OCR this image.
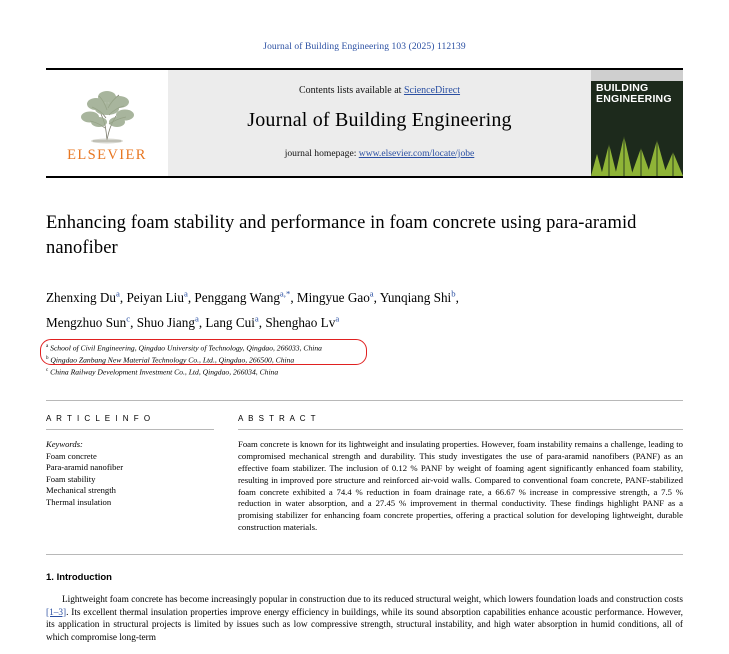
Journal of Building Engineering 103 (2025) 112139
ELSEVIER
Contents lists available at ScienceDirect
Journal of Building Engineering
journal homepage: www.elsevier.com/locate/jobe
BUILDING
ENGINEERING
Enhancing foam stability and performance in foam concrete using para-aramid nanofiber
Zhenxing Du$^a$, Peiyan Liu$^a$, Penggang Wang$^{a,*}$, Mingyue Gao$^a$, Yunqiang Shi$^b$,
Mengzhuo Sun$^c$, Shuo Jiang$^a$, Lang Cui$^a$, Shenghao Lv$^a$
$^a$ School of Civil Engineering, Qingdao University of Technology, Qingdao, 266033, China
$^b$ Qingdao Zanbang New Material Technology Co., Ltd., Qingdao, 266500, China
$^c$ China Railway Development Investment Co., Ltd, Qingdao, 266034, China
A R T I C L E I N F O
Keywords:
Foam concrete
Para-aramid nanofiber
Foam stability
Mechanical strength
Thermal insulation
A B S T R A C T
Foam concrete is known for its lightweight and insulating properties. However, foam instability remains a challenge, leading to compromised mechanical strength and durability. This study investigates the use of para-aramid nanofibers (PANF) as an effective foam stabilizer. The inclusion of 0.12 % PANF by weight of foaming agent significantly enhanced foam stability, resulting in improved pore structure and reinforced air-void walls. Compared to conventional foam concrete, PANF-stabilized foam concrete exhibited a 74.4 % reduction in foam drainage rate, a 66.67 % increase in compressive strength, a 7.5 % reduction in water absorption, and a 27.45 % improvement in thermal conductivity. These findings highlight PANF as a promising stabilizer for enhancing foam concrete properties, offering a practical solution for developing lightweight, durable construction materials.
1. Introduction
Lightweight foam concrete has become increasingly popular in construction due to its reduced structural weight, which lowers foundation loads and construction costs [1–3]. Its excellent thermal insulation properties improve energy efficiency in buildings, while its sound absorption capabilities enhance acoustic performance. However, its application in structural projects is limited by issues such as low compressive strength, structural instability, and high water absorption in humid conditions, all of which compromise long-term
